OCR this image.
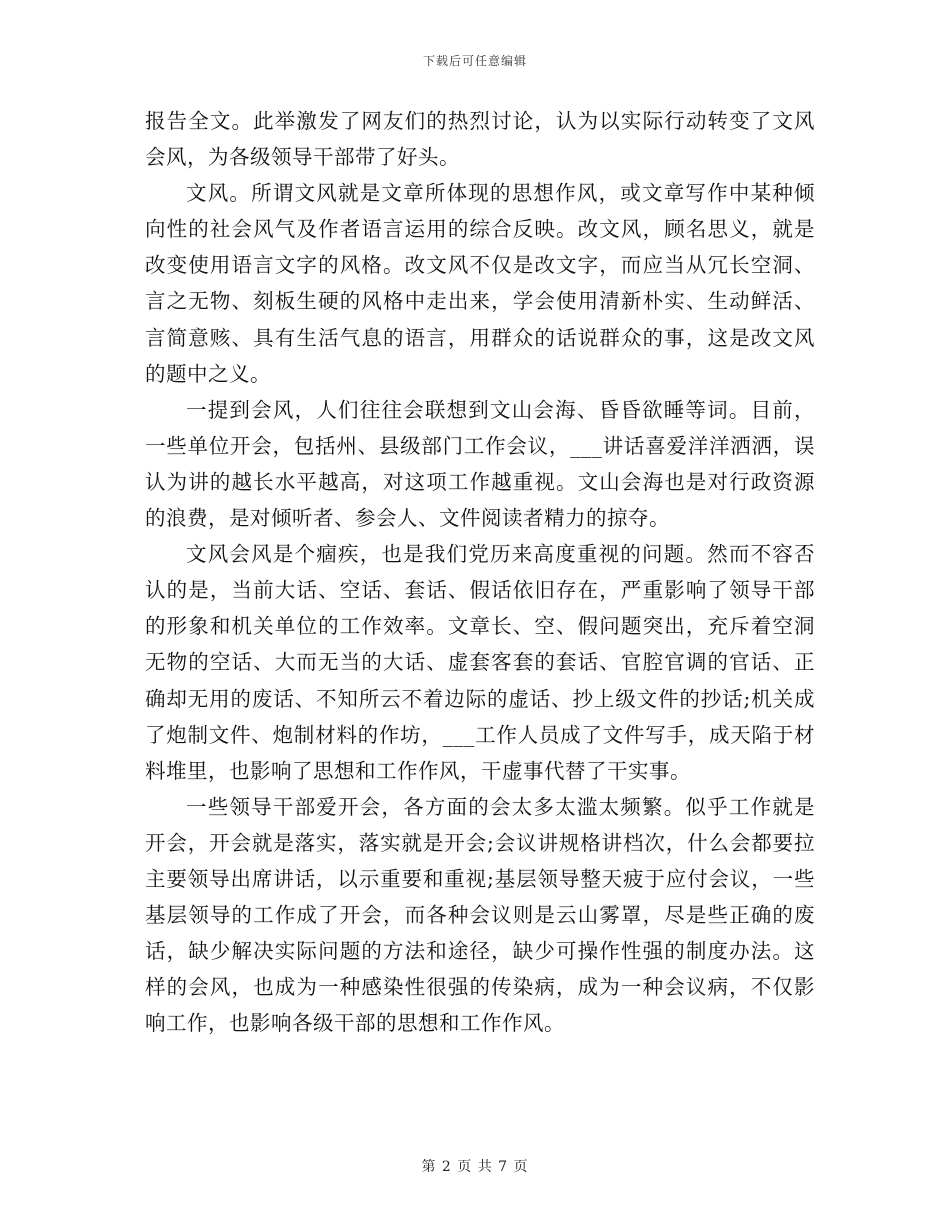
下载后可任意编辑

报告全文。此举激发了网友们的热烈讨论，认为以实际行动转变了文风会风，为各级领导干部带了好头。

文风。所谓文风就是文章所体现的思想作风，或文章写作中某种倾向性的社会风气及作者语言运用的综合反映。改文风，顾名思义，就是改变使用语言文字的风格。改文风不仅是改文字，而应当从冗长空洞、言之无物、刻板生硬的风格中走出来，学会使用清新朴实、生动鲜活、言简意赅、具有生活气息的语言，用群众的话说群众的事，这是改文风的题中之义。

一提到会风，人们往往会联想到文山会海、昏昏欲睡等词。目前，一些单位开会，包括州、县级部门工作会议，___讲话喜爱洋洋洒洒，误认为讲的越长水平越高，对这项工作越重视。文山会海也是对行政资源的浪费，是对倾听者、参会人、文件阅读者精力的掠夺。

文风会风是个痼疾，也是我们党历来高度重视的问题。然而不容否认的是，当前大话、空话、套话、假话依旧存在，严重影响了领导干部的形象和机关单位的工作效率。文章长、空、假问题突出，充斥着空洞无物的空话、大而无当的大话、虚套客套的套话、官腔官调的官话、正确却无用的废话、不知所云不着边际的虚话、抄上级文件的抄话;机关成了炮制文件、炮制材料的作坊，___工作人员成了文件写手，成天陷于材料堆里，也影响了思想和工作作风，干虚事代替了干实事。

一些领导干部爱开会，各方面的会太多太滥太频繁。似乎工作就是开会，开会就是落实，落实就是开会;会议讲规格讲档次，什么会都要拉主要领导出席讲话，以示重要和重视;基层领导整天疲于应付会议，一些基层领导的工作成了开会，而各种会议则是云山雾罩，尽是些正确的废话，缺少解决实际问题的方法和途径，缺少可操作性强的制度办法。这样的会风，也成为一种感染性很强的传染病，成为一种会议病，不仅影响工作，也影响各级干部的思想和工作作风。

第 2 页 共 7 页
